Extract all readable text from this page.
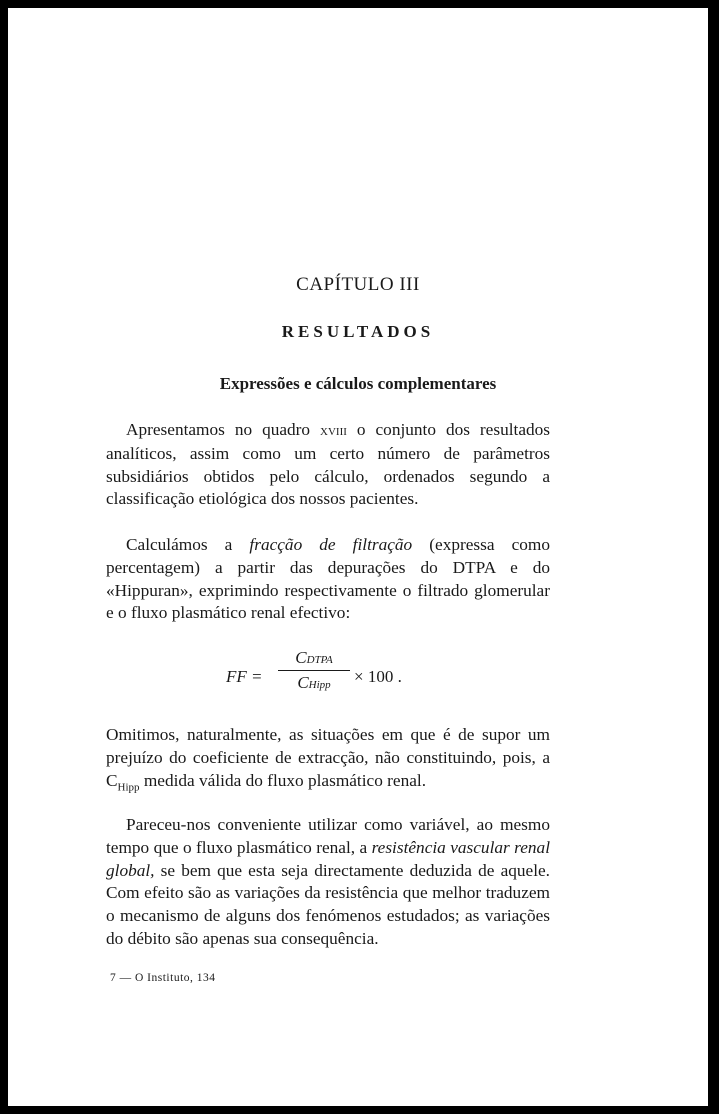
CAPÍTULO III
RESULTADOS
Expressões e cálculos complementares

Apresentamos no quadro xviii o conjunto dos resultados analíticos, assim como um certo número de parâmetros subsidiários obtidos pelo cálculo, ordenados segundo a classificação etiológica dos nossos pacientes.

Calculámos a fracção de filtração (expressa como percentagem) a partir das depurações do DTPA e do «Hippuran», exprimindo respectivamente o filtrado glomerular e o fluxo plasmático renal efectivo:

FF =
CDTPA
CHipp	× 100 .

Omitimos, naturalmente, as situações em que é de supor um prejuízo do coeficiente de extracção, não constituindo, pois, a $C_{Hipp}$ medida válida do fluxo plasmático renal.

Pareceu-nos conveniente utilizar como variável, ao mesmo tempo que o fluxo plasmático renal, a resistência vascular renal global, se bem que esta seja directamente deduzida de aquele. Com efeito são as variações da resistência que melhor traduzem o mecanismo de alguns dos fenómenos estudados; as variações do débito são apenas sua consequência.

7 — O Instituto, 134
